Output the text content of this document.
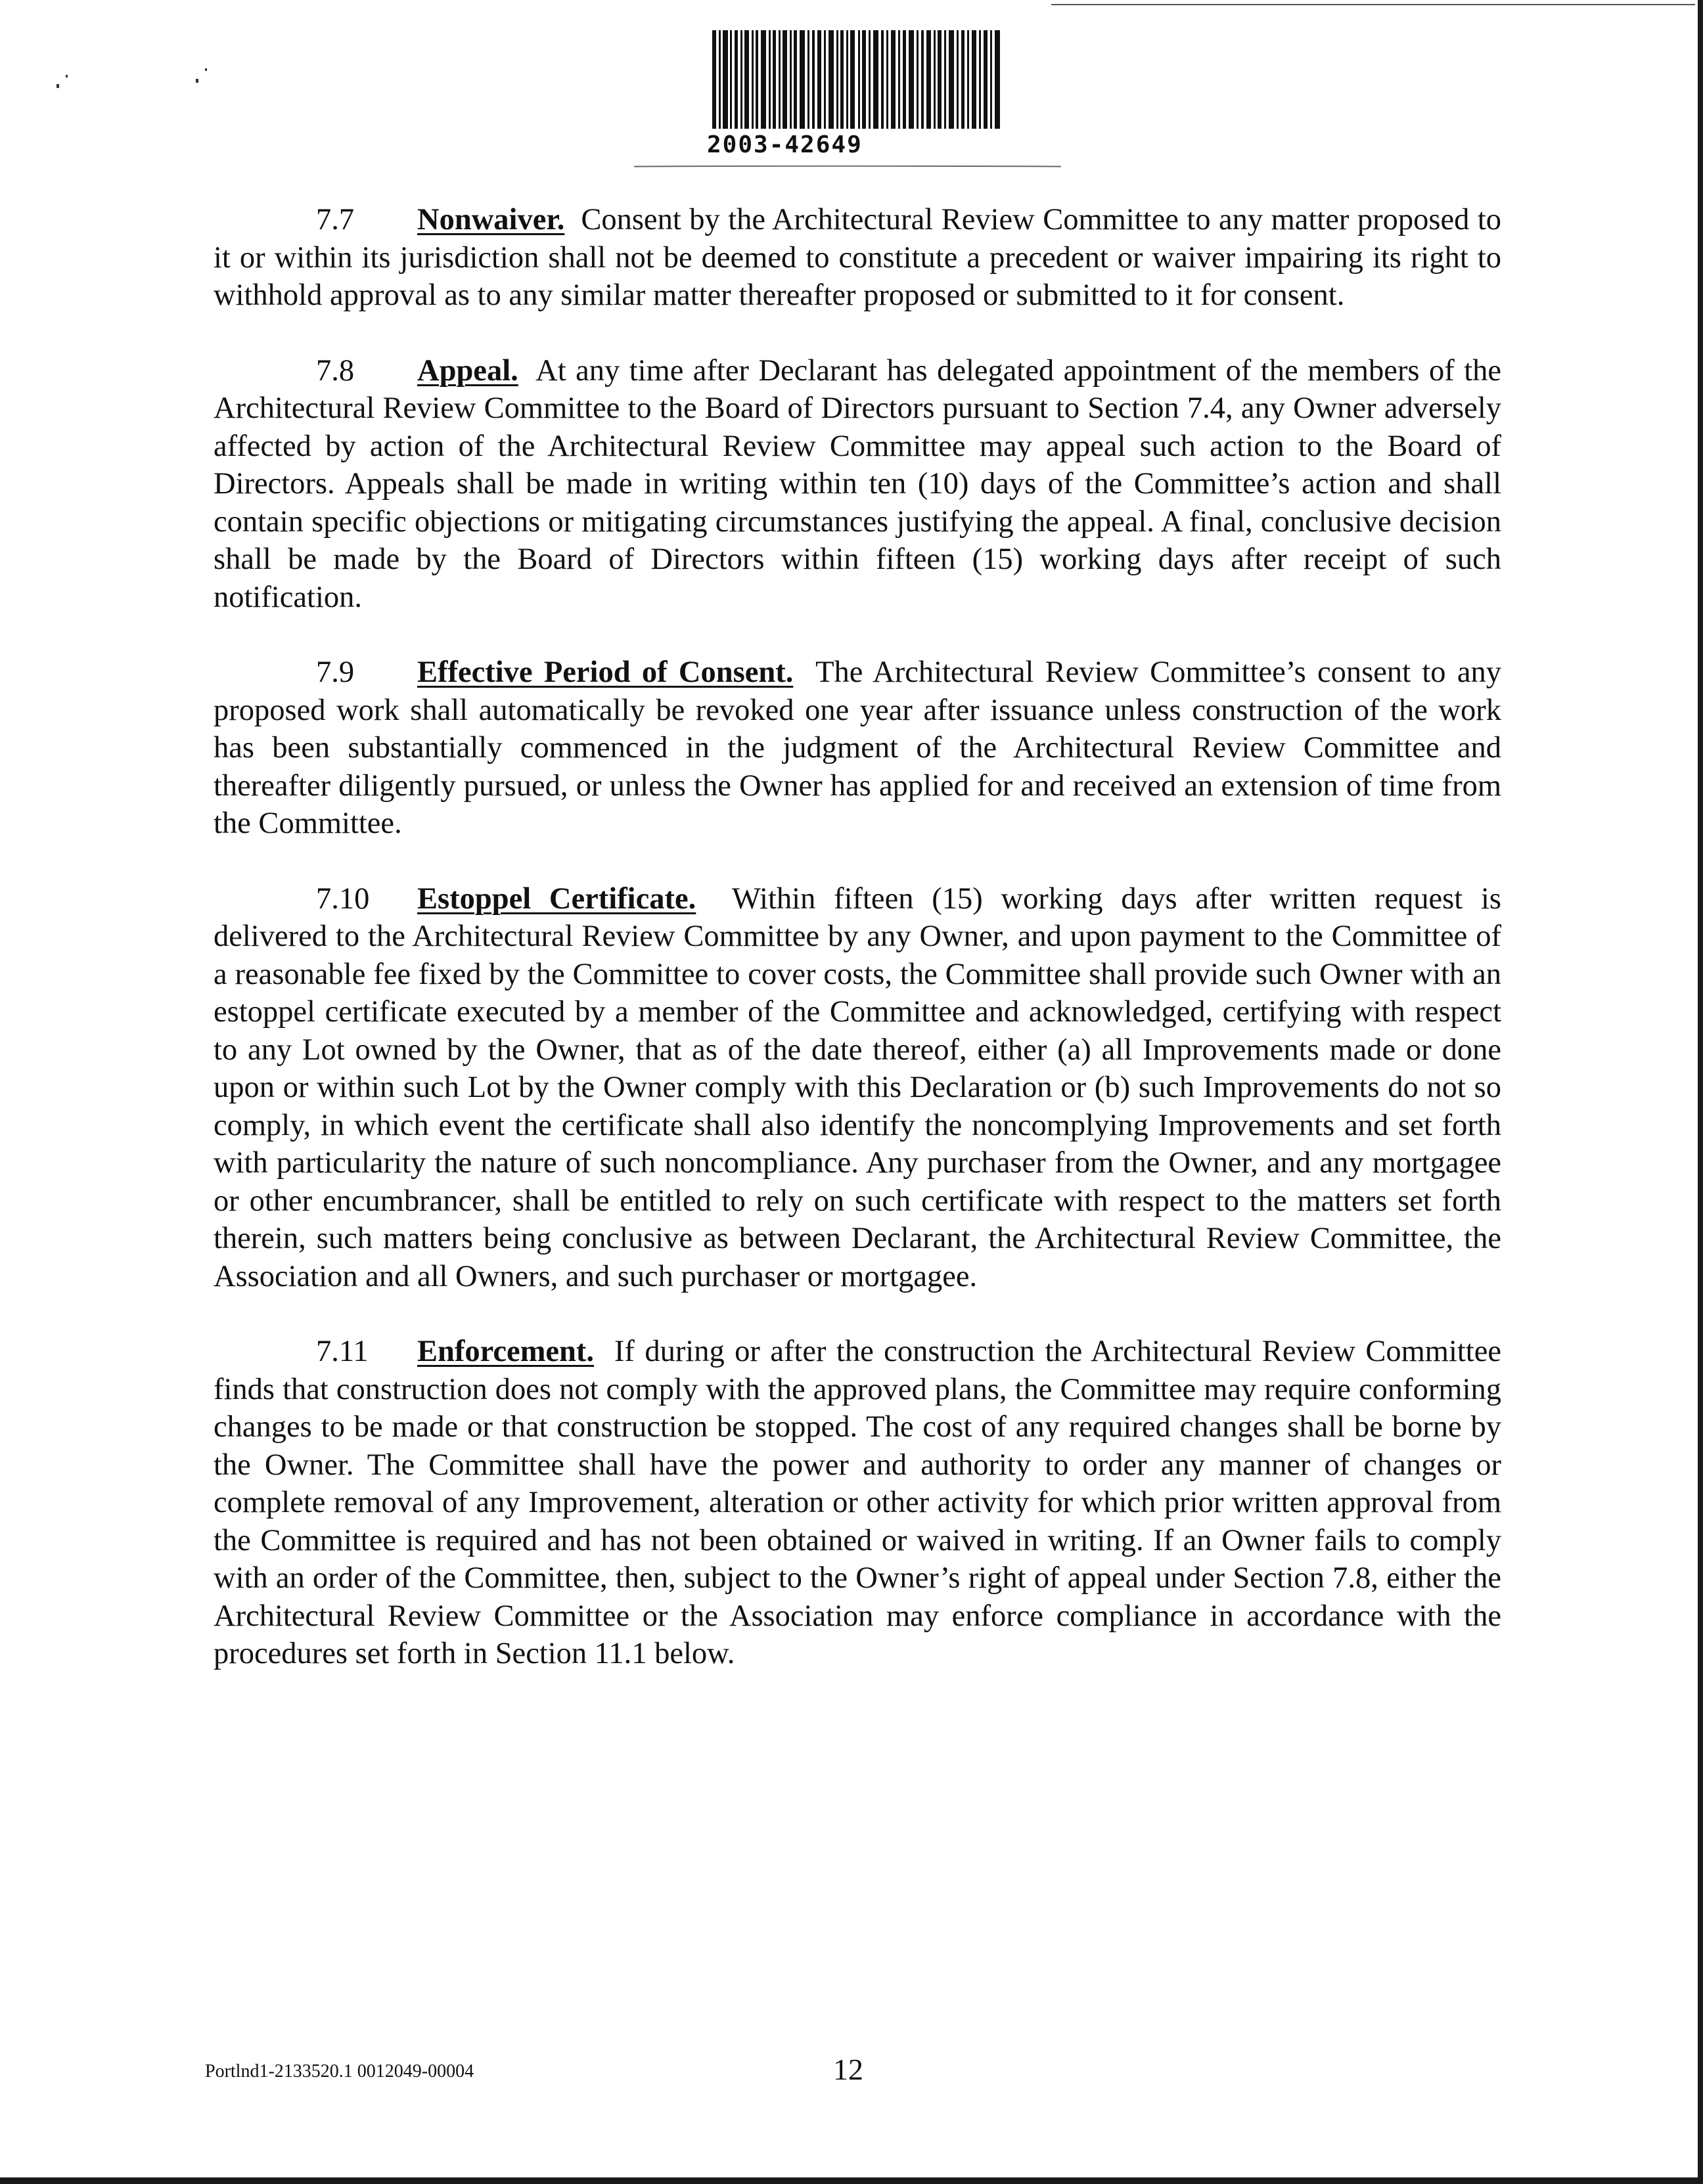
2003-42649

7.7 Nonwaiver. Consent by the Architectural Review Committee to any matter proposed to it or within its jurisdiction shall not be deemed to constitute a precedent or waiver impairing its right to withhold approval as to any similar matter thereafter proposed or submitted to it for consent.

7.8 Appeal. At any time after Declarant has delegated appointment of the members of the Architectural Review Committee to the Board of Directors pursuant to Section 7.4, any Owner adversely affected by action of the Architectural Review Committee may appeal such action to the Board of Directors. Appeals shall be made in writing within ten (10) days of the Committee’s action and shall contain specific objections or mitigating circumstances justifying the appeal. A final, conclusive decision shall be made by the Board of Directors within fifteen (15) working days after receipt of such notification.

7.9 Effective Period of Consent. The Architectural Review Committee’s consent to any proposed work shall automatically be revoked one year after issuance unless construction of the work has been substantially commenced in the judgment of the Architectural Review Committee and thereafter diligently pursued, or unless the Owner has applied for and received an extension of time from the Committee.

7.10 Estoppel Certificate. Within fifteen (15) working days after written request is delivered to the Architectural Review Committee by any Owner, and upon payment to the Committee of a reasonable fee fixed by the Committee to cover costs, the Committee shall provide such Owner with an estoppel certificate executed by a member of the Committee and acknowledged, certifying with respect to any Lot owned by the Owner, that as of the date thereof, either (a) all Improvements made or done upon or within such Lot by the Owner comply with this Declaration or (b) such Improvements do not so comply, in which event the certificate shall also identify the noncomplying Improvements and set forth with particularity the nature of such noncompliance. Any purchaser from the Owner, and any mortgagee or other encumbrancer, shall be entitled to rely on such certificate with respect to the matters set forth therein, such matters being conclusive as between Declarant, the Architectural Review Committee, the Association and all Owners, and such purchaser or mortgagee.

7.11 Enforcement. If during or after the construction the Architectural Review Committee finds that construction does not comply with the approved plans, the Committee may require conforming changes to be made or that construction be stopped. The cost of any required changes shall be borne by the Owner. The Committee shall have the power and authority to order any manner of changes or complete removal of any Improvement, alteration or other activity for which prior written approval from the Committee is required and has not been obtained or waived in writing. If an Owner fails to comply with an order of the Committee, then, subject to the Owner’s right of appeal under Section 7.8, either the Architectural Review Committee or the Association may enforce compliance in accordance with the procedures set forth in Section 11.1 below.

Portlnd1-2133520.1 0012049-00004	12
